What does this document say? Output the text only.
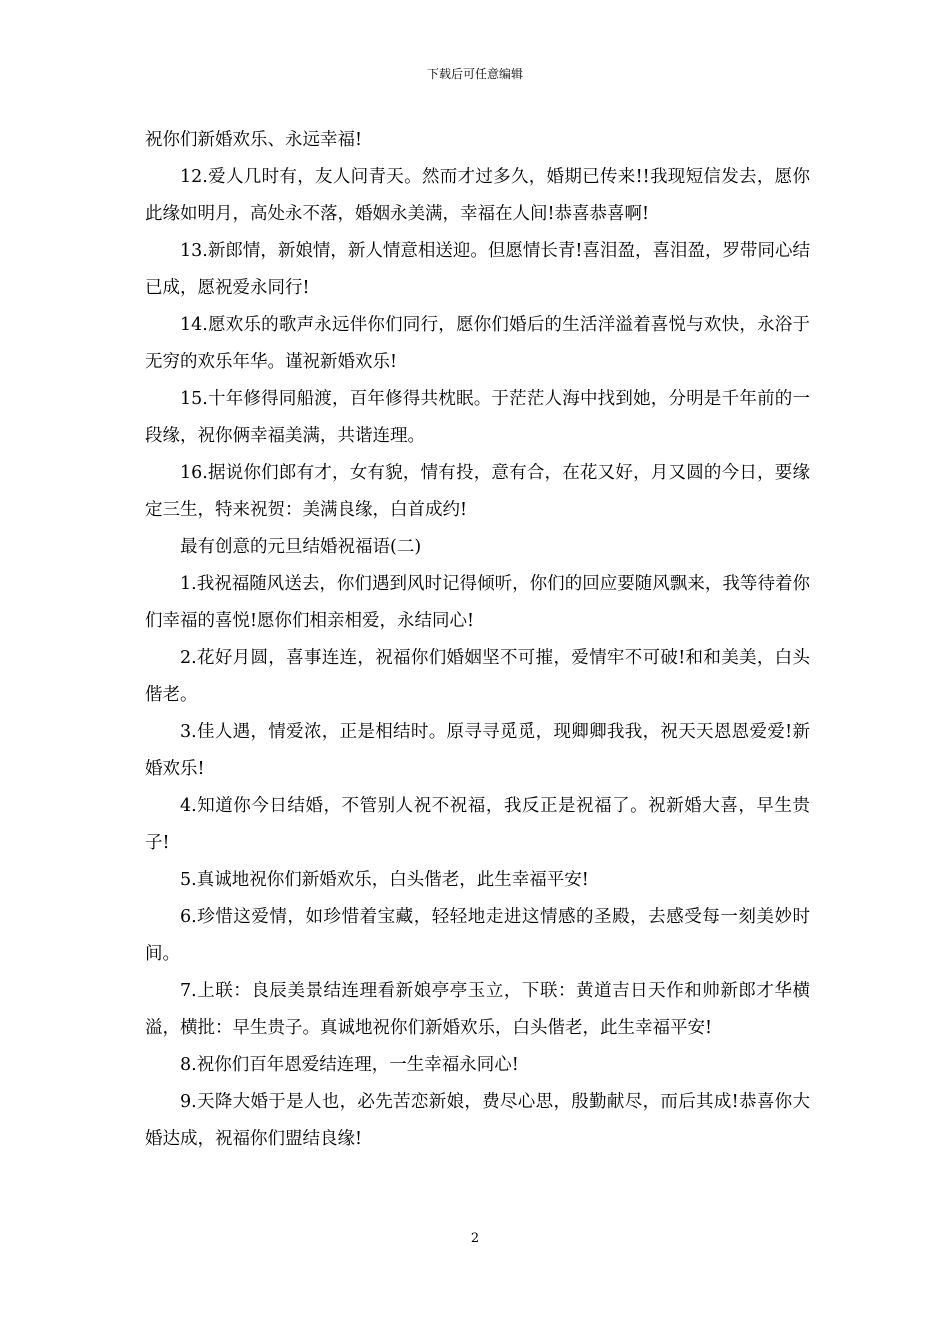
下载后可任意编辑

祝你们新婚欢乐、永远幸福!

12.爱人几时有，友人问青天。然而才过多久，婚期已传来!!我现短信发去，愿你此缘如明月，高处永不落，婚姻永美满，幸福在人间!恭喜恭喜啊!

13.新郎情，新娘情，新人情意相送迎。但愿情长青!喜泪盈，喜泪盈，罗带同心结已成，愿祝爱永同行!

14.愿欢乐的歌声永远伴你们同行，愿你们婚后的生活洋溢着喜悦与欢快，永浴于无穷的欢乐年华。谨祝新婚欢乐!

15.十年修得同船渡，百年修得共枕眠。于茫茫人海中找到她，分明是千年前的一段缘，祝你俩幸福美满，共谐连理。

16.据说你们郎有才，女有貌，情有投，意有合，在花又好，月又圆的今日，要缘定三生，特来祝贺：美满良缘，白首成约!

最有创意的元旦结婚祝福语(二)

1.我祝福随风送去，你们遇到风时记得倾听，你们的回应要随风飘来，我等待着你们幸福的喜悦!愿你们相亲相爱，永结同心!

2.花好月圆，喜事连连，祝福你们婚姻坚不可摧，爱情牢不可破!和和美美，白头偕老。

3.佳人遇，情爱浓，正是相结时。原寻寻觅觅，现卿卿我我，祝天天恩恩爱爱!新婚欢乐!

4.知道你今日结婚，不管别人祝不祝福，我反正是祝福了。祝新婚大喜，早生贵子!

5.真诚地祝你们新婚欢乐，白头偕老，此生幸福平安!

6.珍惜这爱情，如珍惜着宝藏，轻轻地走进这情感的圣殿，去感受每一刻美妙时间。

7.上联：良辰美景结连理看新娘亭亭玉立，下联：黄道吉日天作和帅新郎才华横溢，横批：早生贵子。真诚地祝你们新婚欢乐，白头偕老，此生幸福平安!

8.祝你们百年恩爱结连理，一生幸福永同心!

9.天降大婚于是人也，必先苦恋新娘，费尽心思，殷勤献尽，而后其成!恭喜你大婚达成，祝福你们盟结良缘!

2
